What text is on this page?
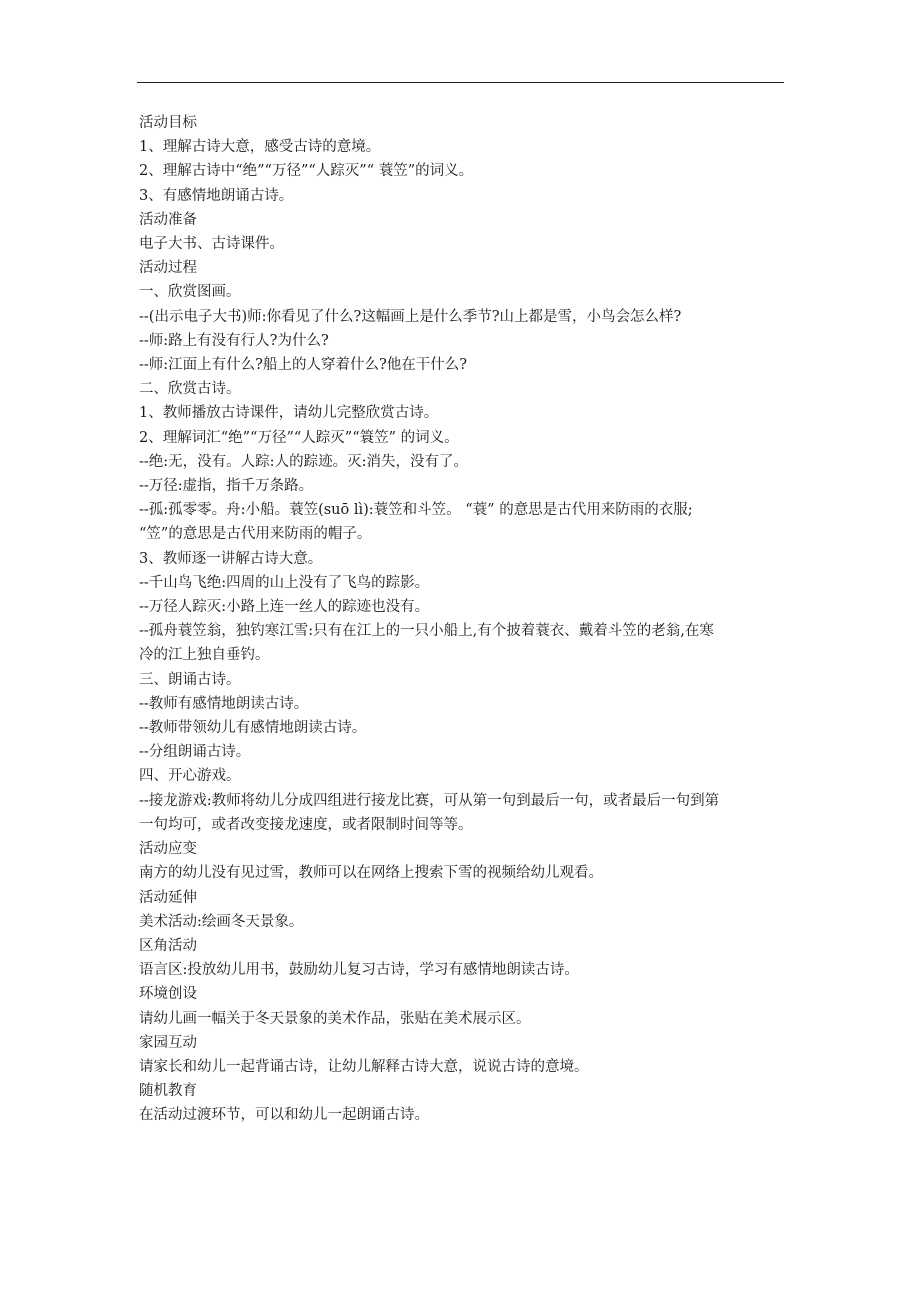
活动目标
1、理解古诗大意，感受古诗的意境。
2、理解古诗中“绝”“万径”“人踪灭”“ 蓑笠”的词义。
3、有感情地朗诵古诗。
活动准备
电子大书、古诗课件。
活动过程
一、欣赏图画。
--(出示电子大书)师:你看见了什么?这幅画上是什么季节?山上都是雪，小鸟会怎么样?
--师:路上有没有行人?为什么?
--师:江面上有什么?船上的人穿着什么?他在干什么?
二、欣赏古诗。
1、教师播放古诗课件，请幼儿完整欣赏古诗。
2、理解词汇“绝”“万径”“人踪灭”“簑笠” 的词义。
--绝:无，没有。人踪:人的踪迹。灭:消失，没有了。
--万径:虚指，指千万条路。
--孤:孤零零。舟:小船。蓑笠(suō lì):蓑笠和斗笠。 “蓑” 的意思是古代用来防雨的衣服;
“笠”的意思是古代用来防雨的帽子。
3、教师逐一讲解古诗大意。
--千山鸟飞绝:四周的山上没有了飞鸟的踪影。
--万径人踪灭:小路上连一丝人的踪迹也没有。
--孤舟蓑笠翁，独钓寒江雪:只有在江上的一只小船上,有个披着蓑衣、戴着斗笠的老翁,在寒
冷的江上独自垂钓。
三、朗诵古诗。
--教师有感情地朗读古诗。
--教师带领幼儿有感情地朗读古诗。
--分组朗诵古诗。
四、开心游戏。
--接龙游戏:教师将幼儿分成四组进行接龙比赛，可从第一句到最后一句，或者最后一句到第
一句均可，或者改变接龙速度，或者限制时间等等。
活动应变
南方的幼儿没有见过雪，教师可以在网络上搜索下雪的视频给幼儿观看。
活动延伸
美术活动:绘画冬天景象。
区角活动
语言区:投放幼儿用书，鼓励幼儿复习古诗，学习有感情地朗读古诗。
环境创设
请幼儿画一幅关于冬天景象的美术作品，张贴在美术展示区。
家园互动
请家长和幼儿一起背诵古诗，让幼儿解释古诗大意，说说古诗的意境。
随机教育
在活动过渡环节，可以和幼儿一起朗诵古诗。
